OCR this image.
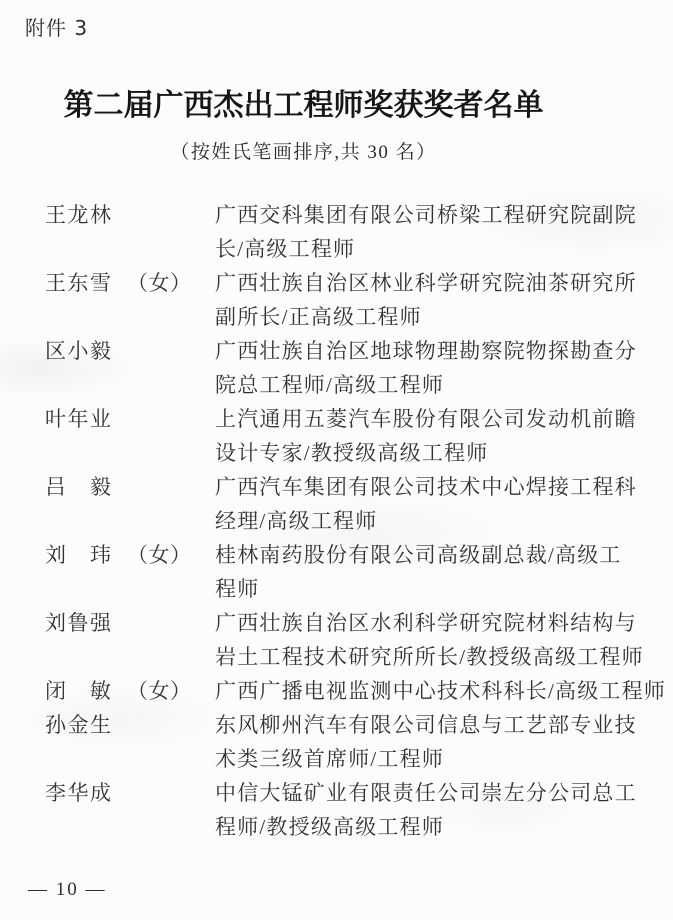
附件 3
第二届广西杰出工程师奖获奖者名单
（按姓氏笔画排序,共 30 名）
王龙林	广西交科集团有限公司桥梁工程研究院副院
长/高级工程师
王东雪 （女）	广西壮族自治区林业科学研究院油茶研究所
副所长/正高级工程师
区小毅	广西壮族自治区地球物理勘察院物探勘查分
院总工程师/高级工程师
叶年业	上汽通用五菱汽车股份有限公司发动机前瞻
设计专家/教授级高级工程师
吕　毅	广西汽车集团有限公司技术中心焊接工程科
经理/高级工程师
刘　玮 （女）	桂林南药股份有限公司高级副总裁/高级工
程师
刘鲁强	广西壮族自治区水利科学研究院材料结构与
岩土工程技术研究所所长/教授级高级工程师
闭　敏 （女）	广西广播电视监测中心技术科科长/高级工程师
孙金生	东风柳州汽车有限公司信息与工艺部专业技
术类三级首席师/工程师
李华成	中信大锰矿业有限责任公司崇左分公司总工
程师/教授级高级工程师
— 10 —
